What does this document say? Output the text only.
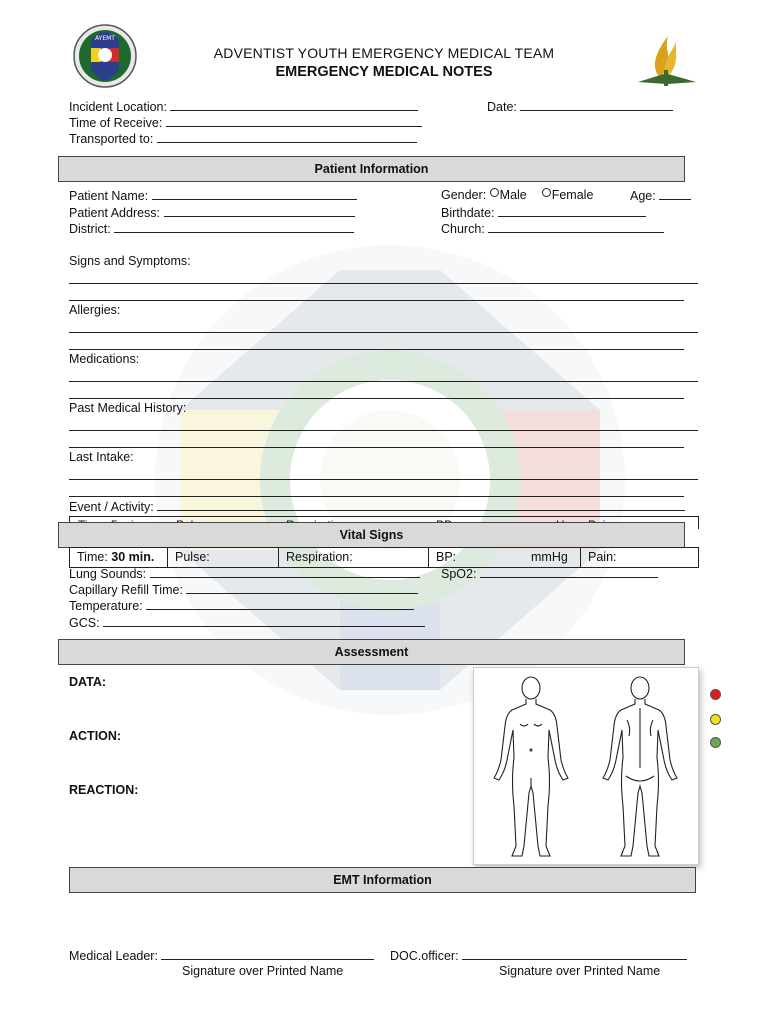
AYEMT
ADVENTIST YOUTH EMERGENCY MEDICAL TEAM
EMERGENCY MEDICAL NOTES
Incident Location:	Date:
Time of Receive:
Transported to:
Patient Information
Patient Name:	Gender: Male Female	Age:
Patient Address:	Birthdate:
District:	Church:
Signs and Symptoms:
Allergies:
Medications:
Past Medical History:
Last Intake:
Event / Activity:
Vital Signs
Time: 30 min.	Pulse:	Respiration:	BP:	mmHg	Pain:
Lung Sounds:	SpO2:
Capillary Refill Time:
Temperature:
GCS:
Assessment
DATA:
ACTION:
REACTION:
EMT Information
Medical Leader:	DOC.officer:
Signature over Printed Name	Signature over Printed Name
